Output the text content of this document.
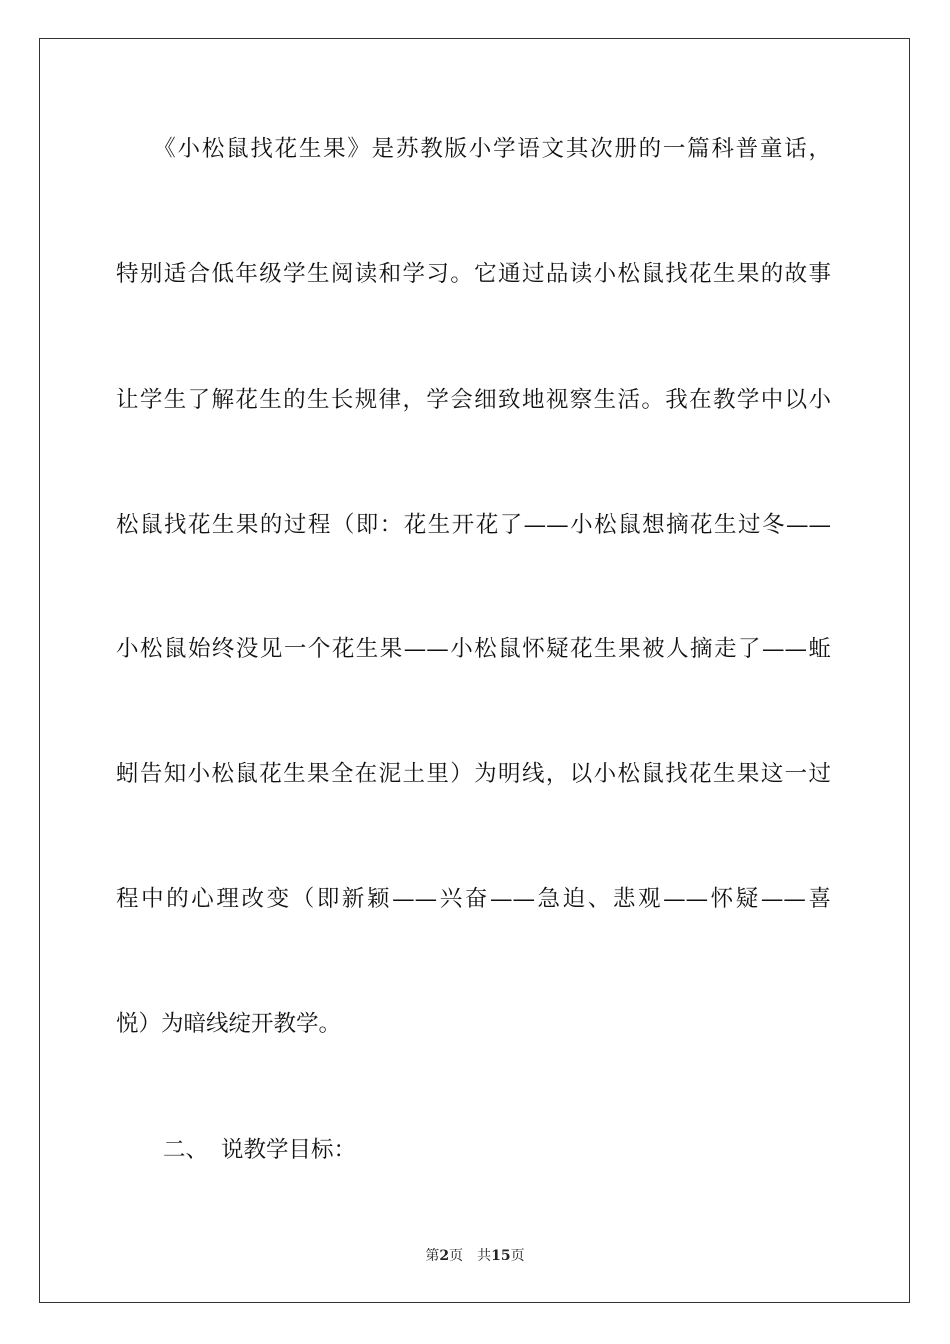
　　《小松鼠找花生果》是苏教版小学语文其次册的一篇科普童话，
特别适合低年级学生阅读和学习。它通过品读小松鼠找花生果的故事
让学生了解花生的生长规律，学会细致地视察生活。我在教学中以小
松鼠找花生果的过程（即：花生开花了——小松鼠想摘花生过冬——
小松鼠始终没见一个花生果——小松鼠怀疑花生果被人摘走了——蚯
蚓告知小松鼠花生果全在泥土里）为明线，以小松鼠找花生果这一过
程中的心理改变（即新颖——兴奋——急迫、悲观——怀疑——喜
悦）为暗线绽开教学。
二、 说教学目标：
第2页 共15页
